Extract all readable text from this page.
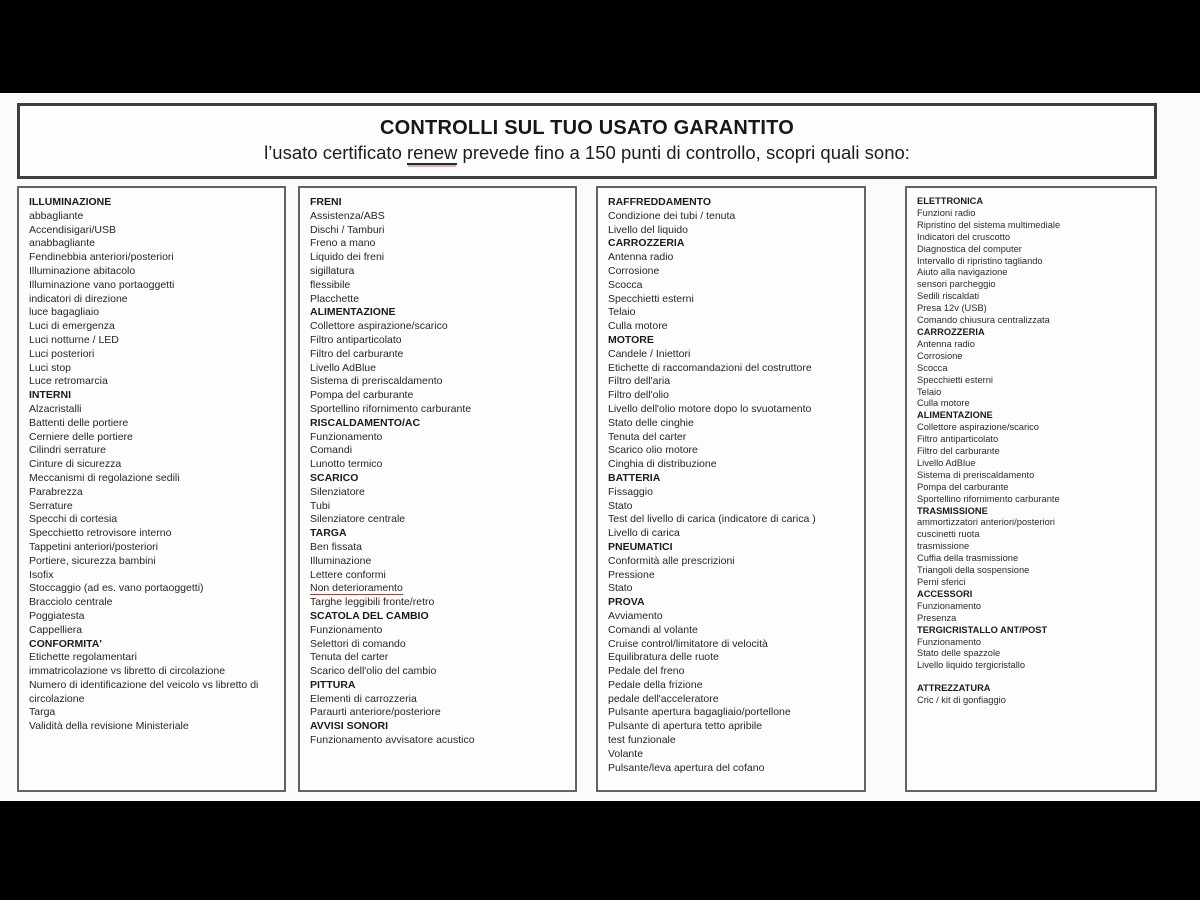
CONTROLLI SUL TUO USATO GARANTITO
l’usato certificato renew prevede fino a 150 punti di controllo, scopri quali sono:
ILLUMINAZIONE
abbagliante
Accendisigari/USB
anabbagliante
Fendinebbia anteriori/posteriori
Illuminazione abitacolo
Illuminazione vano portaoggetti
indicatori di direzione
luce bagagliaio
Luci di emergenza
Luci notturne / LED
Luci posteriori
Luci stop
Luce retromarcia
INTERNI
Alzacristalli
Battenti delle portiere
Cerniere delle portiere
Cilindri serrature
Cinture di sicurezza
Meccanismi di regolazione sedili
Parabrezza
Serrature
Specchi di cortesia
Specchietto retrovisore interno
Tappetini anteriori/posteriori
Portiere, sicurezza bambini
Isofix
Stoccaggio (ad es. vano portaoggetti)
Bracciolo centrale
Poggiatesta
Cappelliera
CONFORMITA'
Etichette regolamentari
immatricolazione vs libretto di circolazione
Numero di identificazione del veicolo vs libretto di circolazione
Targa
Validità della revisione Ministeriale
FRENI
Assistenza/ABS
Dischi / Tamburi
Freno a mano
Liquido dei freni
sigillatura
flessibile
Placchette
ALIMENTAZIONE
Collettore aspirazione/scarico
Filtro antiparticolato
Filtro del carburante
Livello AdBlue
Sistema di preriscaldamento
Pompa del carburante
Sportellino rifornimento carburante
RISCALDAMENTO/AC
Funzionamento
Comandi
Lunotto termico
SCARICO
Silenziatore
Tubi
Silenziatore centrale
TARGA
Ben fissata
Illuminazione
Lettere conformi
Non deterioramento
Targhe leggibili fronte/retro
SCATOLA DEL CAMBIO
Funzionamento
Selettori di comando
Tenuta del carter
Scarico dell'olio del cambio
PITTURA
Elementi di carrozzeria
Paraurti anteriore/posteriore
AVVISI SONORI
Funzionamento avvisatore acustico
RAFFREDDAMENTO
Condizione dei tubi / tenuta
Livello del liquido
CARROZZERIA
Antenna radio
Corrosione
Scocca
Specchietti esterni
Telaio
Culla motore
MOTORE
Candele / Iniettori
Etichette di raccomandazioni del costruttore
Filtro dell'aria
Filtro dell'olio
Livello dell'olio motore dopo lo svuotamento
Stato delle cinghie
Tenuta del carter
Scarico olio motore
Cinghia di distribuzione
BATTERIA
Fissaggio
Stato
Test del livello di carica (indicatore di carica )
Livello di carica
PNEUMATICI
Conformità alle prescrizioni
Pressione
Stato
PROVA
Avviamento
Comandi al volante
Cruise control/limitatore di velocità
Equilibratura delle ruote
Pedale del freno
Pedale della frizione
pedale dell'acceleratore
Pulsante apertura bagagliaio/portellone
Pulsante di apertura tetto apribile
test funzionale
Volante
Pulsante/leva apertura del cofano
ELETTRONICA
Funzioni radio
Ripristino del sistema multimediale
Indicatori del cruscotto
Diagnostica del computer
Intervallo di ripristino tagliando
Aiuto alla navigazione
sensori parcheggio
Sedili riscaldati
Presa 12v (USB)
Comando chiusura centralizzata
CARROZZERIA
Antenna radio
Corrosione
Scocca
Specchietti esterni
Telaio
Culla motore
ALIMENTAZIONE
Collettore aspirazione/scarico
Filtro antiparticolato
Filtro del carburante
Livello AdBlue
Sistema di preriscaldamento
Pompa del carburante
Sportellino rifornimento carburante
TRASMISSIONE
ammortizzatori anteriori/posteriori
cuscinetti ruota
trasmissione
Cuffia della trasmissione
Triangoli della sospensione
Perni sferici
ACCESSORI
Funzionamento
Presenza
TERGICRISTALLO ANT/POST
Funzionamento
Stato delle spazzole
Livello liquido tergicristallo
ATTREZZATURA
Cric / kit di gonfiaggio
